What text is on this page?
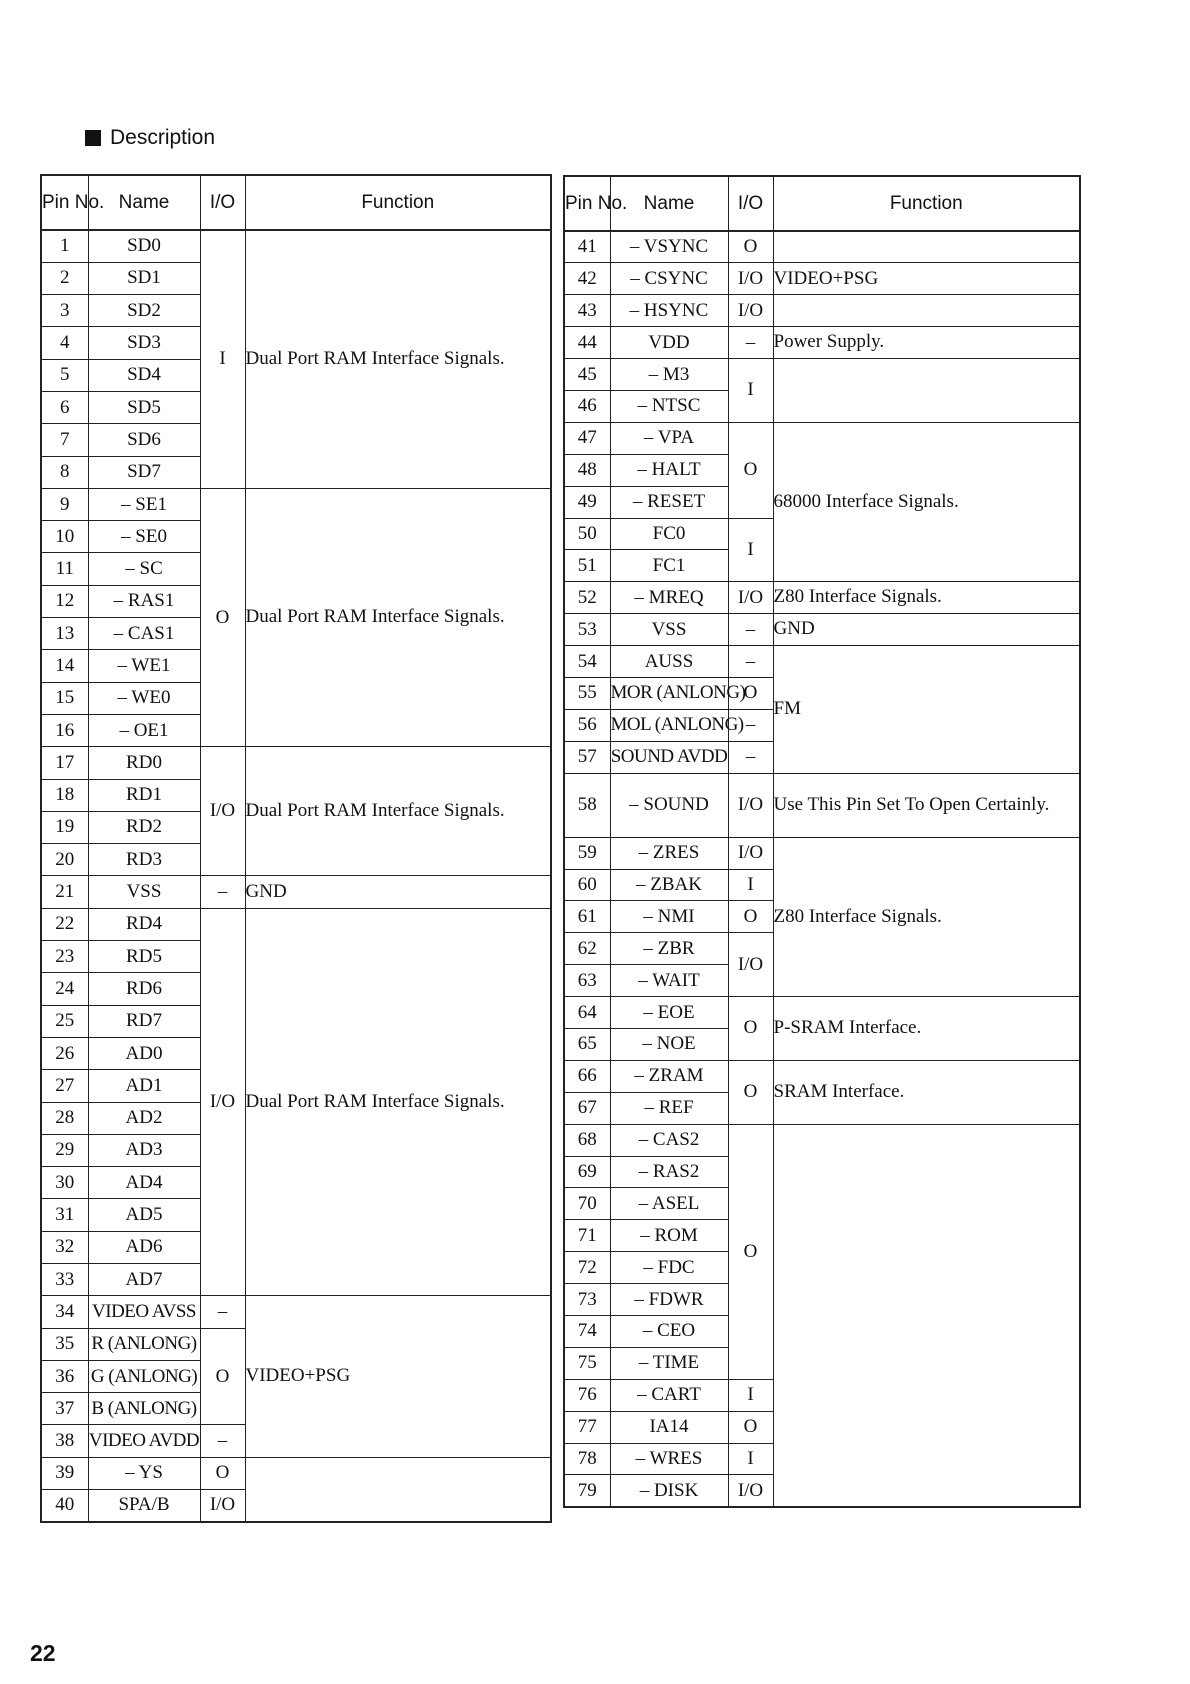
Description
Pin No.	Name	I/O	Function
1	SD0	I	Dual Port RAM Interface Signals.
2	SD1		
3	SD2		
4	SD3		
5	SD4		
6	SD5		
7	SD6		
8	SD7		
9	– SE1	O	Dual Port RAM Interface Signals.
10	– SE0		
11	– SC		
12	– RAS1		
13	– CAS1		
14	– WE1		
15	– WE0		
16	– OE1		
17	RD0	I/O	Dual Port RAM Interface Signals.
18	RD1		
19	RD2		
20	RD3		
21	VSS	–	GND
22	RD4	I/O	Dual Port RAM Interface Signals.
23	RD5		
24	RD6		
25	RD7		
26	AD0		
27	AD1		
28	AD2		
29	AD3		
30	AD4		
31	AD5		
32	AD6		
33	AD7		
34	VIDEO AVSS	–	VIDEO+PSG
35	R (ANLONG)	O	
36	G (ANLONG)		
37	B (ANLONG)		
38	VIDEO AVDD	–	
39	– YS	O	
40	SPA/B	I/O	
Pin No.	Name	I/O	Function
41	– VSYNC	O	
42	– CSYNC	I/O	VIDEO+PSG
43	– HSYNC	I/O	
44	VDD	–	Power Supply.
45	– M3	I	
46	– NTSC		
47	– VPA	O	68000 Interface Signals.
48	– HALT		
49	– RESET		
50	FC0	I	
51	FC1		
52	– MREQ	I/O	Z80 Interface Signals.
53	VSS	–	GND
54	AUSS	–	FM
55	MOR (ANLONG)	O	
56	MOL (ANLONG)	–	
57	SOUND AVDD	–	
58	– SOUND	I/O	Use This Pin Set To Open Certainly.
59	– ZRES	I/O	Z80 Interface Signals.
60	– ZBAK	I	
61	– NMI	O	
62	– ZBR	I/O	
63	– WAIT		
64	– EOE	O	P-SRAM Interface.
65	– NOE		
66	– ZRAM	O	SRAM Interface.
67	– REF		
68	– CAS2	O	
69	– RAS2		
70	– ASEL		
71	– ROM		
72	– FDC		
73	– FDWR		
74	– CEO		
75	– TIME		
76	– CART	I	
77	IA14	O	
78	– WRES	I	
79	– DISK	I/O	
22
